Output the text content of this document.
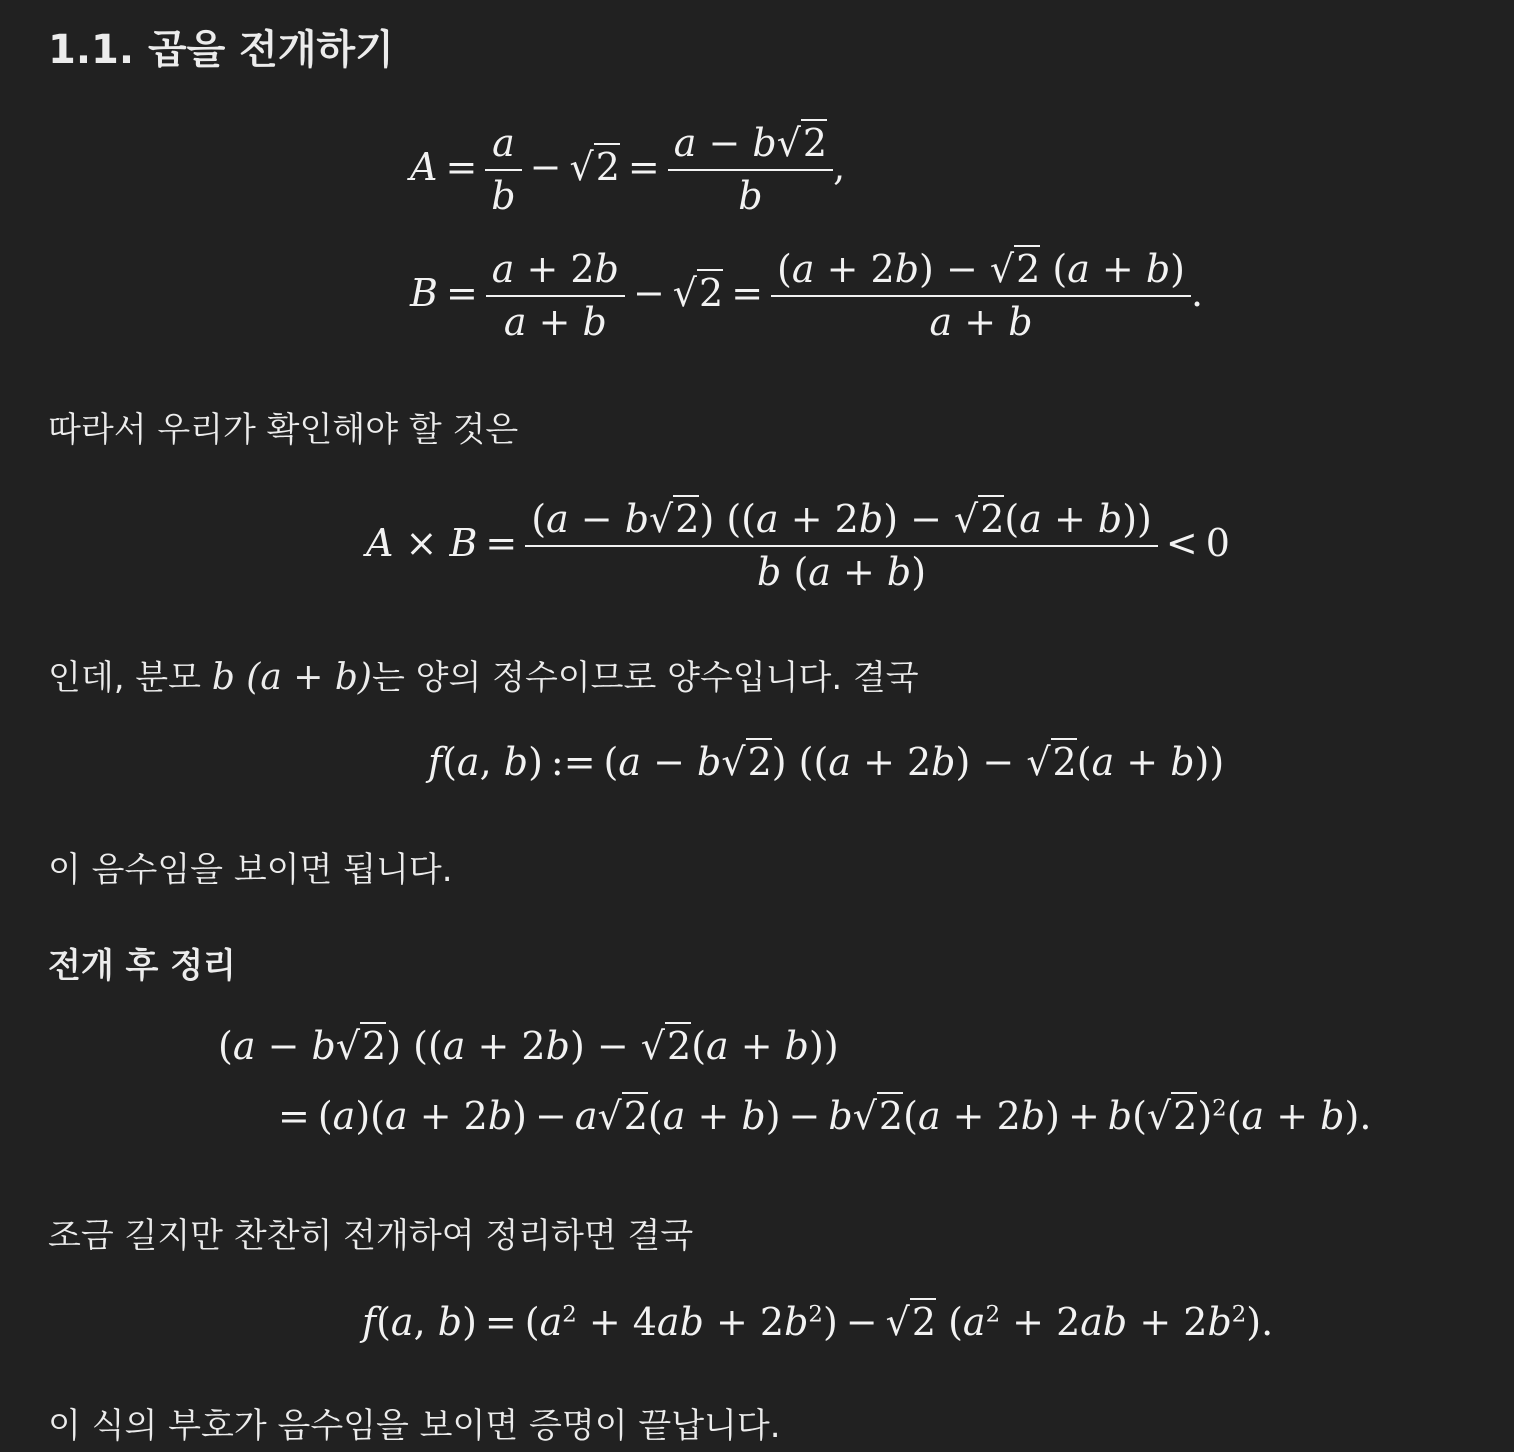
1.1. 곱을 전개하기
$A = \frac{a}{b} - √2 = \frac{a - b√2}{b}$ ,
$B = \frac{a + 2b}{a + b} - √2 = \frac{(a + 2b) - √2 (a + b)}{a + b}$ .
따라서 우리가 확인해야 할 것은
$A \times B = \frac{(a - b√2) ((a + 2b) - √2(a + b))}{b (a + b)} < 0$
인데, 분모 b (a + b)는 양의 정수이므로 양수입니다. 결국
f(a, b) := (a − b√2) ((a + 2b) − √2(a + b))
이 음수임을 보이면 됩니다.
전개 후 정리
(a − b√2) ((a + 2b) − √2(a + b))
= $(a)(a + 2b) - a√2(a + b) - b√2(a + 2b) + b(√2)^2(a + b)$.
조금 길지만 찬찬히 전개하여 정리하면 결국
f(a, $b) = (a^2 + 4ab + 2b^2) - √2$ $(a^2 + 2ab + 2b^2)$.
이 식의 부호가 음수임을 보이면 증명이 끝납니다.
